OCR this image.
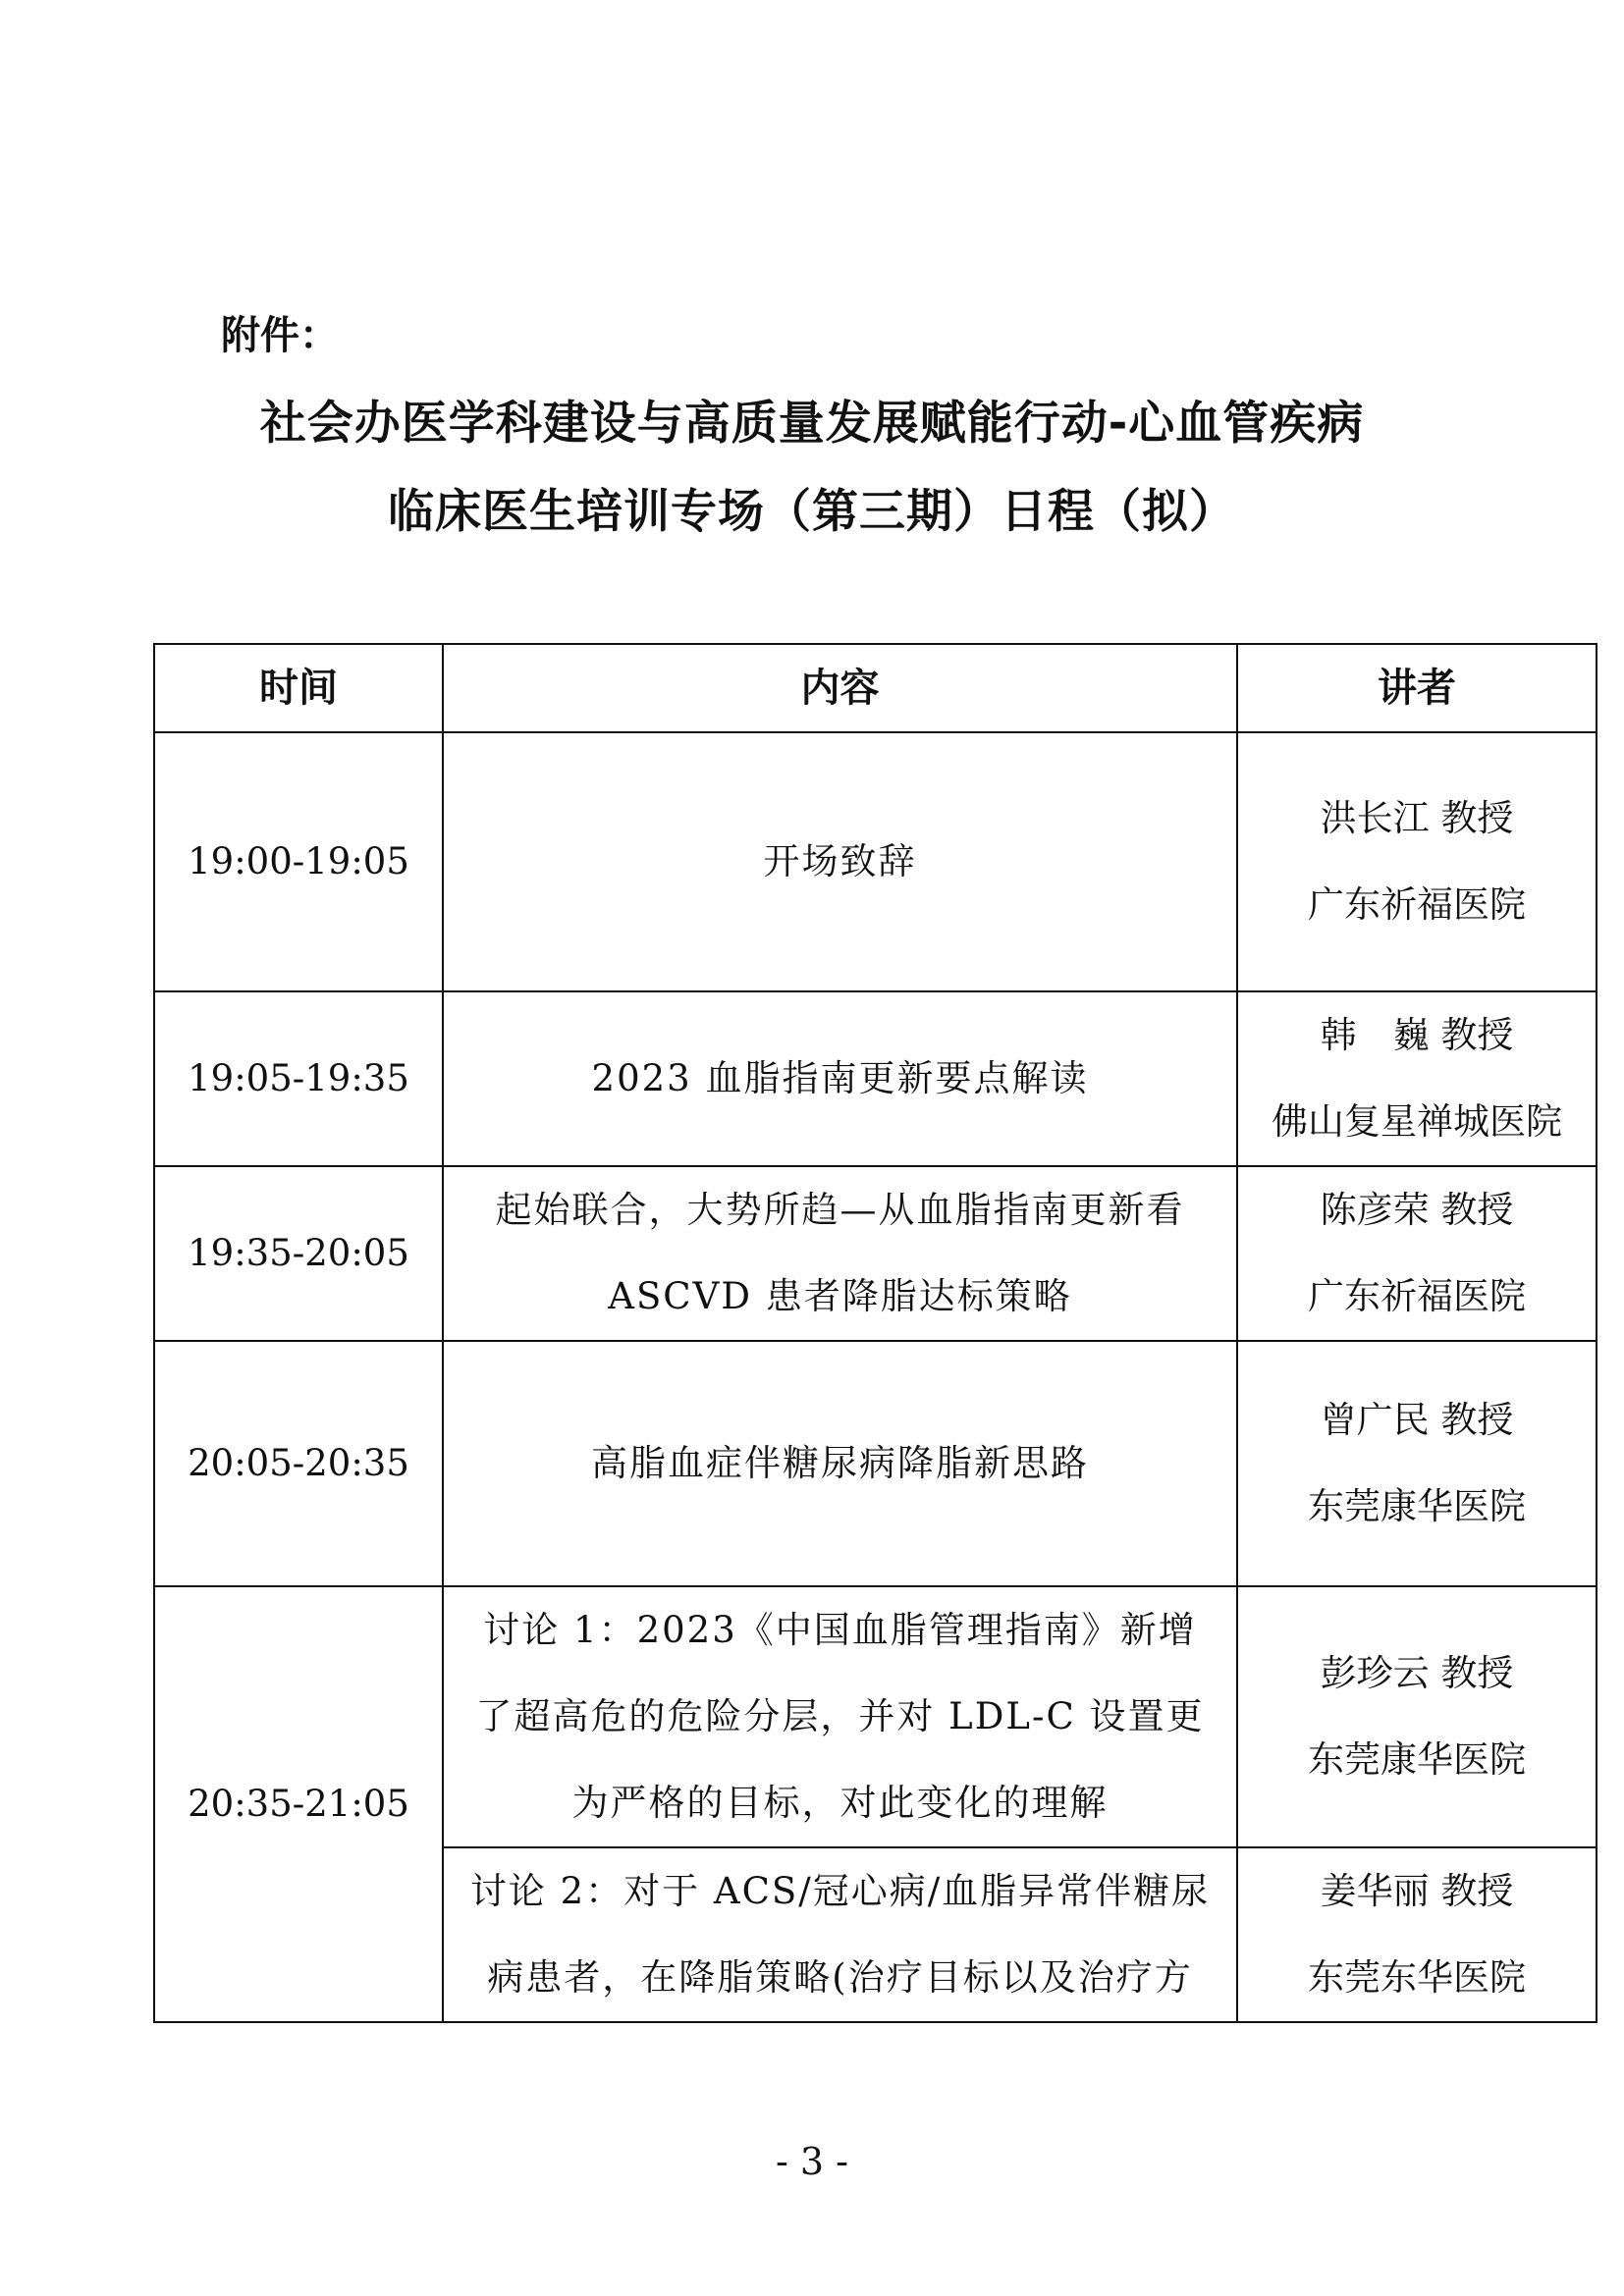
附件：
社会办医学科建设与高质量发展赋能行动-心血管疾病
临床医生培训专场（第三期）日程（拟）
时间	内容	讲者
19:00-19:05	开场致辞	洪长江 教授
广东祈福医院

19:05-19:35	2023 血脂指南更新要点解读	韩　巍 教授
佛山复星禅城医院

19:35-20:05	起始联合，大势所趋—从血脂指南更新看
ASCVD 患者降脂达标策略	陈彦荣 教授
广东祈福医院

20:05-20:35	高脂血症伴糖尿病降脂新思路	曾广民 教授
东莞康华医院

20:35-21:05	讨论 1：2023《中国血脂管理指南》新增
了超高危的危险分层，并对 LDL-C 设置更
为严格的目标，对此变化的理解	彭珍云 教授
东莞康华医院

	讨论 2：对于 ACS/冠心病/血脂异常伴糖尿
病患者，在降脂策略(治疗目标以及治疗方	姜华丽 教授
东莞东华医院
- 3 -
